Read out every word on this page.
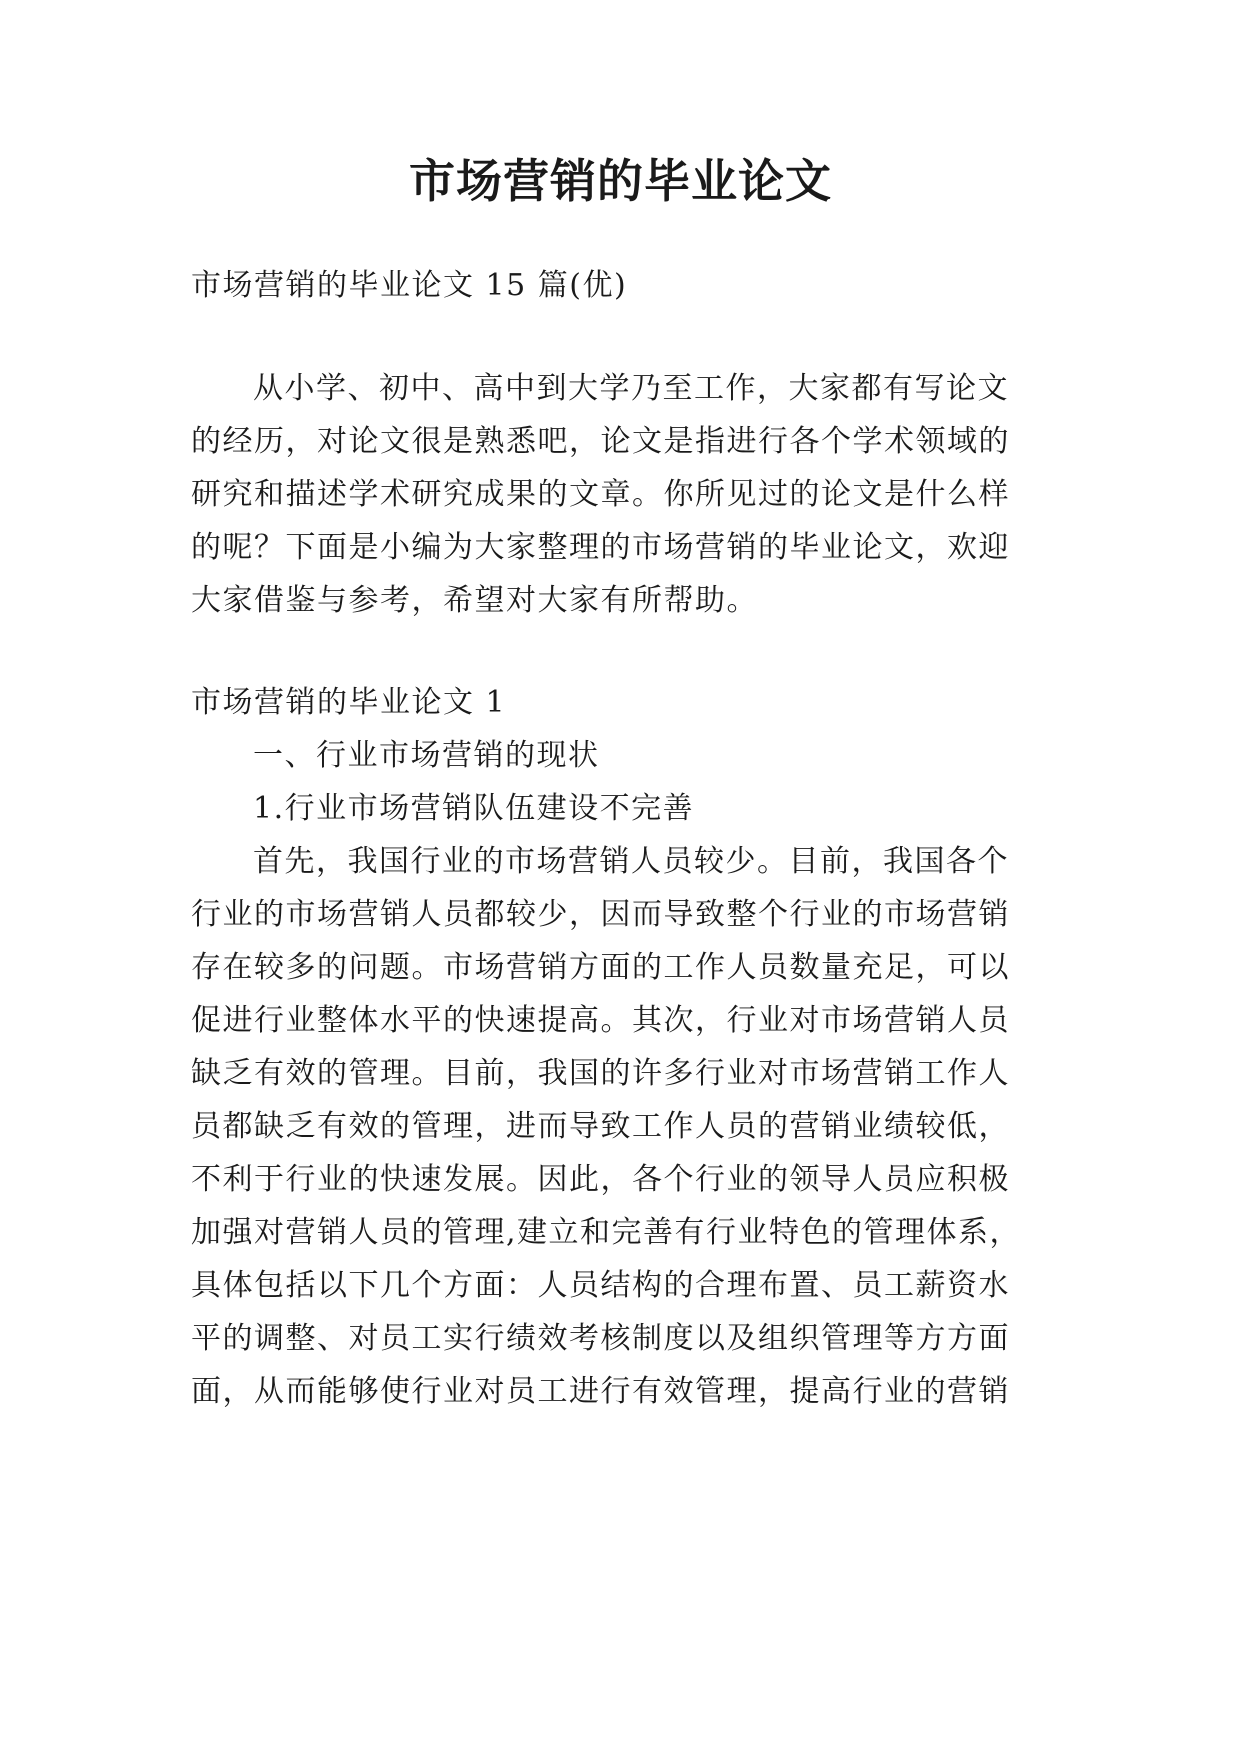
市场营销的毕业论文
市场营销的毕业论文 15 篇(优)
从小学、初中、高中到大学乃至工作，大家都有写论文
的经历，对论文很是熟悉吧，论文是指进行各个学术领域的
研究和描述学术研究成果的文章。你所见过的论文是什么样
的呢？下面是小编为大家整理的市场营销的毕业论文，欢迎
大家借鉴与参考，希望对大家有所帮助。
市场营销的毕业论文 1
一、行业市场营销的现状
1.行业市场营销队伍建设不完善
首先，我国行业的市场营销人员较少。目前，我国各个
行业的市场营销人员都较少，因而导致整个行业的市场营销
存在较多的问题。市场营销方面的工作人员数量充足，可以
促进行业整体水平的快速提高。其次，行业对市场营销人员
缺乏有效的管理。目前，我国的许多行业对市场营销工作人
员都缺乏有效的管理，进而导致工作人员的营销业绩较低，
不利于行业的快速发展。因此，各个行业的领导人员应积极
加强对营销人员的管理,建立和完善有行业特色的管理体系，
具体包括以下几个方面：人员结构的合理布置、员工薪资水
平的调整、对员工实行绩效考核制度以及组织管理等方方面
面，从而能够使行业对员工进行有效管理，提高行业的营销
